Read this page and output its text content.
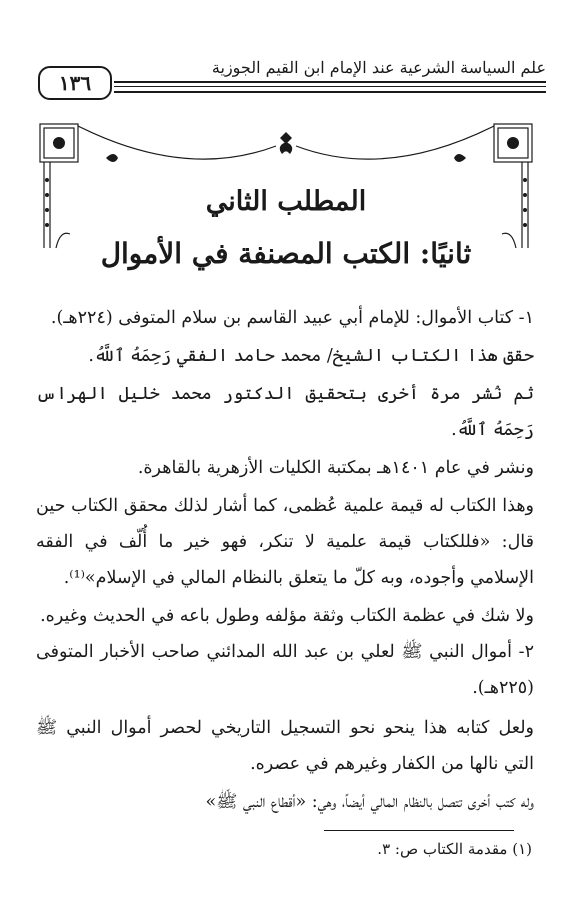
١٣٦
علم السياسة الشرعية عند الإمام ابن القيم الجوزية
المطلب الثاني
ثانيًا: الكتب المصنفة في الأموال

١- كتاب الأموال: للإمام أبي عبيد القاسم بن سلام المتوفى (٢٢٤هـ).

حقق هذا الكتاب الشيخ/ محمد حامد الفقي رَحِمَهُ ٱللَّهُ.

ثم نُشر مرة أخرى بتحقيق الدكتور محمد خليل الهراس رَحِمَهُ ٱللَّهُ.

ونشر في عام ١٤٠١هـ بمكتبة الكليات الأزهرية بالقاهرة.

وهذا الكتاب له قيمة علمية عُظمى، كما أشار لذلك محقق الكتاب حين قال: «فللكتاب قيمة علمية لا تنكر، فهو خير ما أُلّف في الفقه الإسلامي وأجوده، وبه كلّ ما يتعلق بالنظام المالي في الإسلام»⁽¹⁾.

ولا شك في عظمة الكتاب وثقة مؤلفه وطول باعه في الحديث وغيره.

٢- أموال النبي ﷺ لعلي بن عبد الله المدائني صاحب الأخبار المتوفى (٢٢٥هـ).

ولعل كتابه هذا ينحو نحو التسجيل التاريخي لحصر أموال النبي ﷺ التي نالها من الكفار وغيرهم في عصره.

وله كتب أخرى تتصل بالنظام المالي أيضاً، وهي: «أقطاع النبي ﷺ»

(١) مقدمة الكتاب ص: ٣.
